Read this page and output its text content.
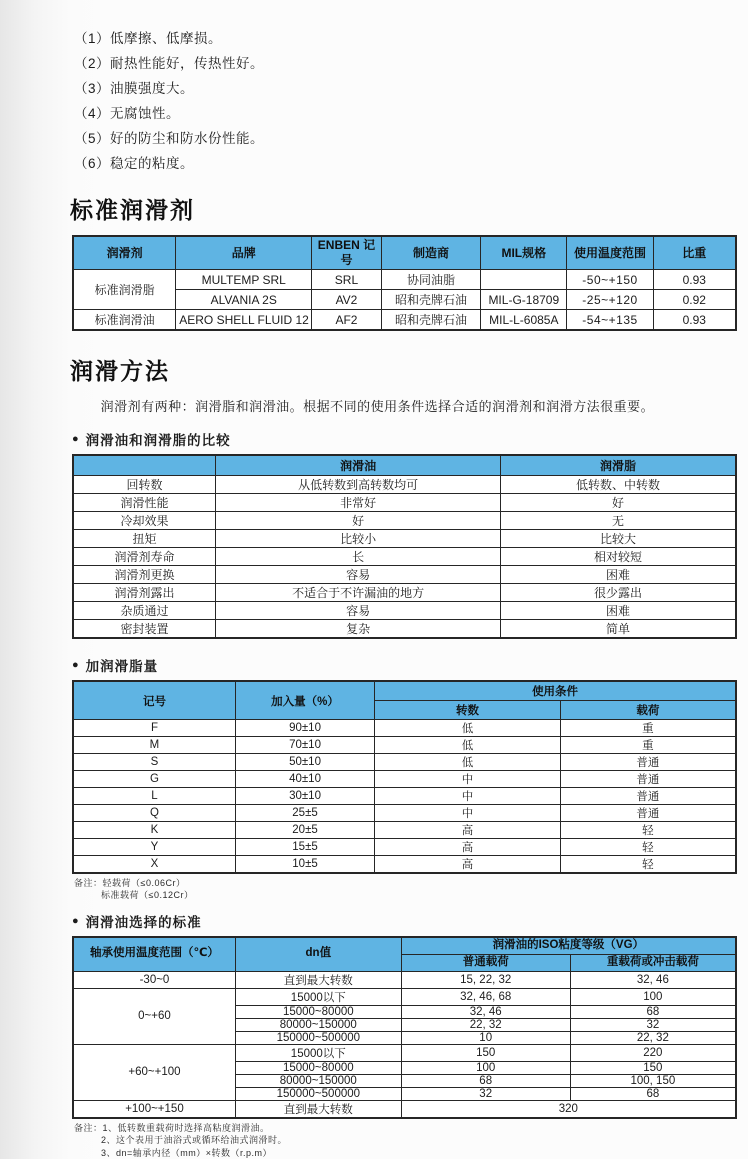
（1）低摩擦、低摩损。
（2）耐热性能好，传热性好。
（3）油膜强度大。
（4）无腐蚀性。
（5）好的防尘和防水份性能。
（6）稳定的粘度。
标准润滑剂
润滑剂	品牌	ENBEN 记号	制造商	MIL规格	使用温度范围	比重
标准润滑脂	MULTEMP SRL	SRL	协同油脂		-50~+150	0.93
	ALVANIA 2S	AV2	昭和壳牌石油	MIL-G-18709	-25~+120	0.92
标准润滑油	AERO SHELL FLUID 12	AF2	昭和壳牌石油	MIL-L-6085A	-54~+135	0.93
润滑方法

润滑剂有两种：润滑脂和润滑油。根据不同的使用条件选择合适的润滑剂和润滑方法很重要。

● 润滑油和润滑脂的比较
	润滑油	润滑脂
回转数	从低转数到高转数均可	低转数、中转数
润滑性能	非常好	好
冷却效果	好	无
扭矩	比较小	比较大
润滑剂寿命	长	相对较短
润滑剂更换	容易	困难
润滑剂露出	不适合于不许漏油的地方	很少露出
杂质通过	容易	困难
密封装置	复杂	简单
● 加润滑脂量
记号	加入量（%）	使用条件	
		转数	载荷
F	90±10	低	重
M	70±10	低	重
S	50±10	低	普通
G	40±10	中	普通
L	30±10	中	普通
Q	25±5	中	普通
K	20±5	高	轻
Y	15±5	高	轻
X	10±5	高	轻
备注：轻载荷（≤0.06Cr）
标准载荷（≤0.12Cr）
● 润滑油选择的标准
轴承使用温度范围（℃）	dn值	润滑油的ISO粘度等级（VG）	
		普通载荷	重载荷或冲击载荷
-30~0	直到最大转数	15, 22, 32	32, 46
0~+60	15000以下	32, 46, 68	100
	15000~80000	32, 46	68
	80000~150000	22, 32	32
	150000~500000	10	22, 32
+60~+100	15000以下	150	220
	15000~80000	100	150
	80000~150000	68	100, 150
	150000~500000	32	68
+100~+150	直到最大转数	320	
备注：1、低转数重载荷时选择高粘度润滑油。
2、这个表用于油浴式或循环给油式润滑时。
3、dn=轴承内径（mm）×转数（r.p.m）
